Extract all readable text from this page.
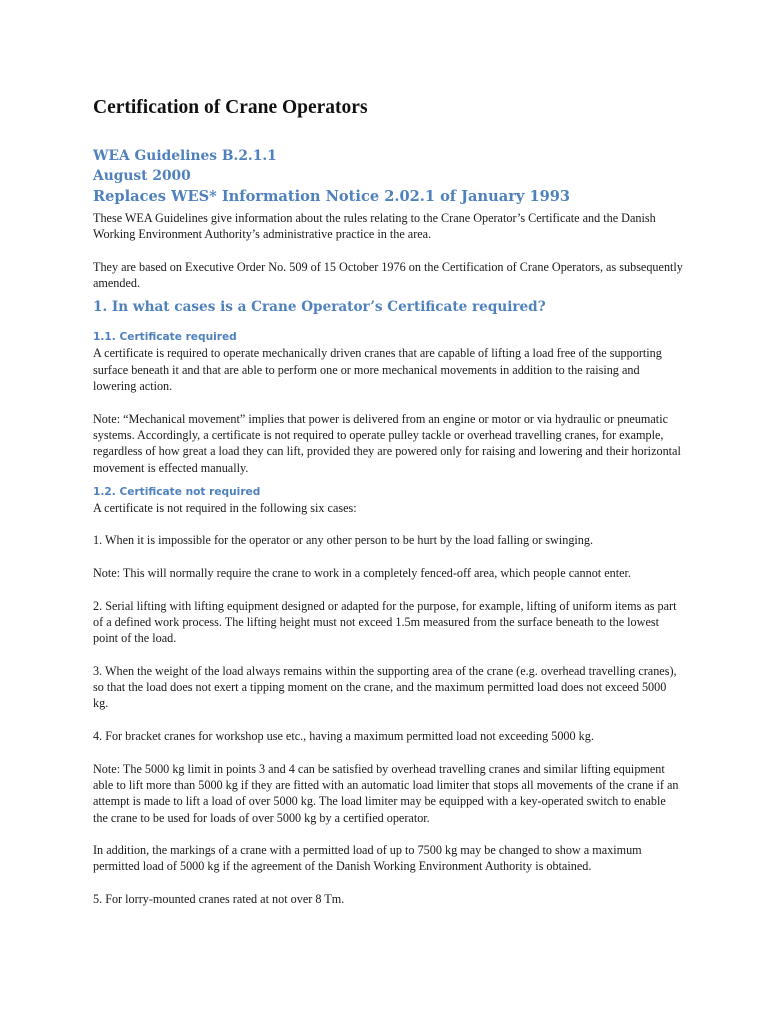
Certification of Crane Operators
WEA Guidelines B.2.1.1
August 2000
Replaces WES* Information Notice 2.02.1 of January 1993

These WEA Guidelines give information about the rules relating to the Crane Operator’s Certificate and the Danish Working Environment Authority’s administrative practice in the area.

They are based on Executive Order No. 509 of 15 October 1976 on the Certification of Crane Operators, as subsequently amended.

1. In what cases is a Crane Operator’s Certificate required?
1.1. Certificate required

A certificate is required to operate mechanically driven cranes that are capable of lifting a load free of the supporting surface beneath it and that are able to perform one or more mechanical movements in addition to the raising and lowering action.

Note: “Mechanical movement” implies that power is delivered from an engine or motor or via hydraulic or pneumatic systems. Accordingly, a certificate is not required to operate pulley tackle or overhead travelling cranes, for example, regardless of how great a load they can lift, provided they are powered only for raising and lowering and their horizontal movement is effected manually.

1.2. Certificate not required

A certificate is not required in the following six cases:

1. When it is impossible for the operator or any other person to be hurt by the load falling or swinging.

Note: This will normally require the crane to work in a completely fenced-off area, which people cannot enter.

2. Serial lifting with lifting equipment designed or adapted for the purpose, for example, lifting of uniform items as part of a defined work process. The lifting height must not exceed 1.5m measured from the surface beneath to the lowest point of the load.

3. When the weight of the load always remains within the supporting area of the crane (e.g. overhead travelling cranes), so that the load does not exert a tipping moment on the crane, and the maximum permitted load does not exceed 5000 kg.

4. For bracket cranes for workshop use etc., having a maximum permitted load not exceeding 5000 kg.

Note: The 5000 kg limit in points 3 and 4 can be satisfied by overhead travelling cranes and similar lifting equipment able to lift more than 5000 kg if they are fitted with an automatic load limiter that stops all movements of the crane if an attempt is made to lift a load of over 5000 kg. The load limiter may be equipped with a key-operated switch to enable the crane to be used for loads of over 5000 kg by a certified operator.

In addition, the markings of a crane with a permitted load of up to 7500 kg may be changed to show a maximum permitted load of 5000 kg if the agreement of the Danish Working Environment Authority is obtained.

5. For lorry-mounted cranes rated at not over 8 Tm.
